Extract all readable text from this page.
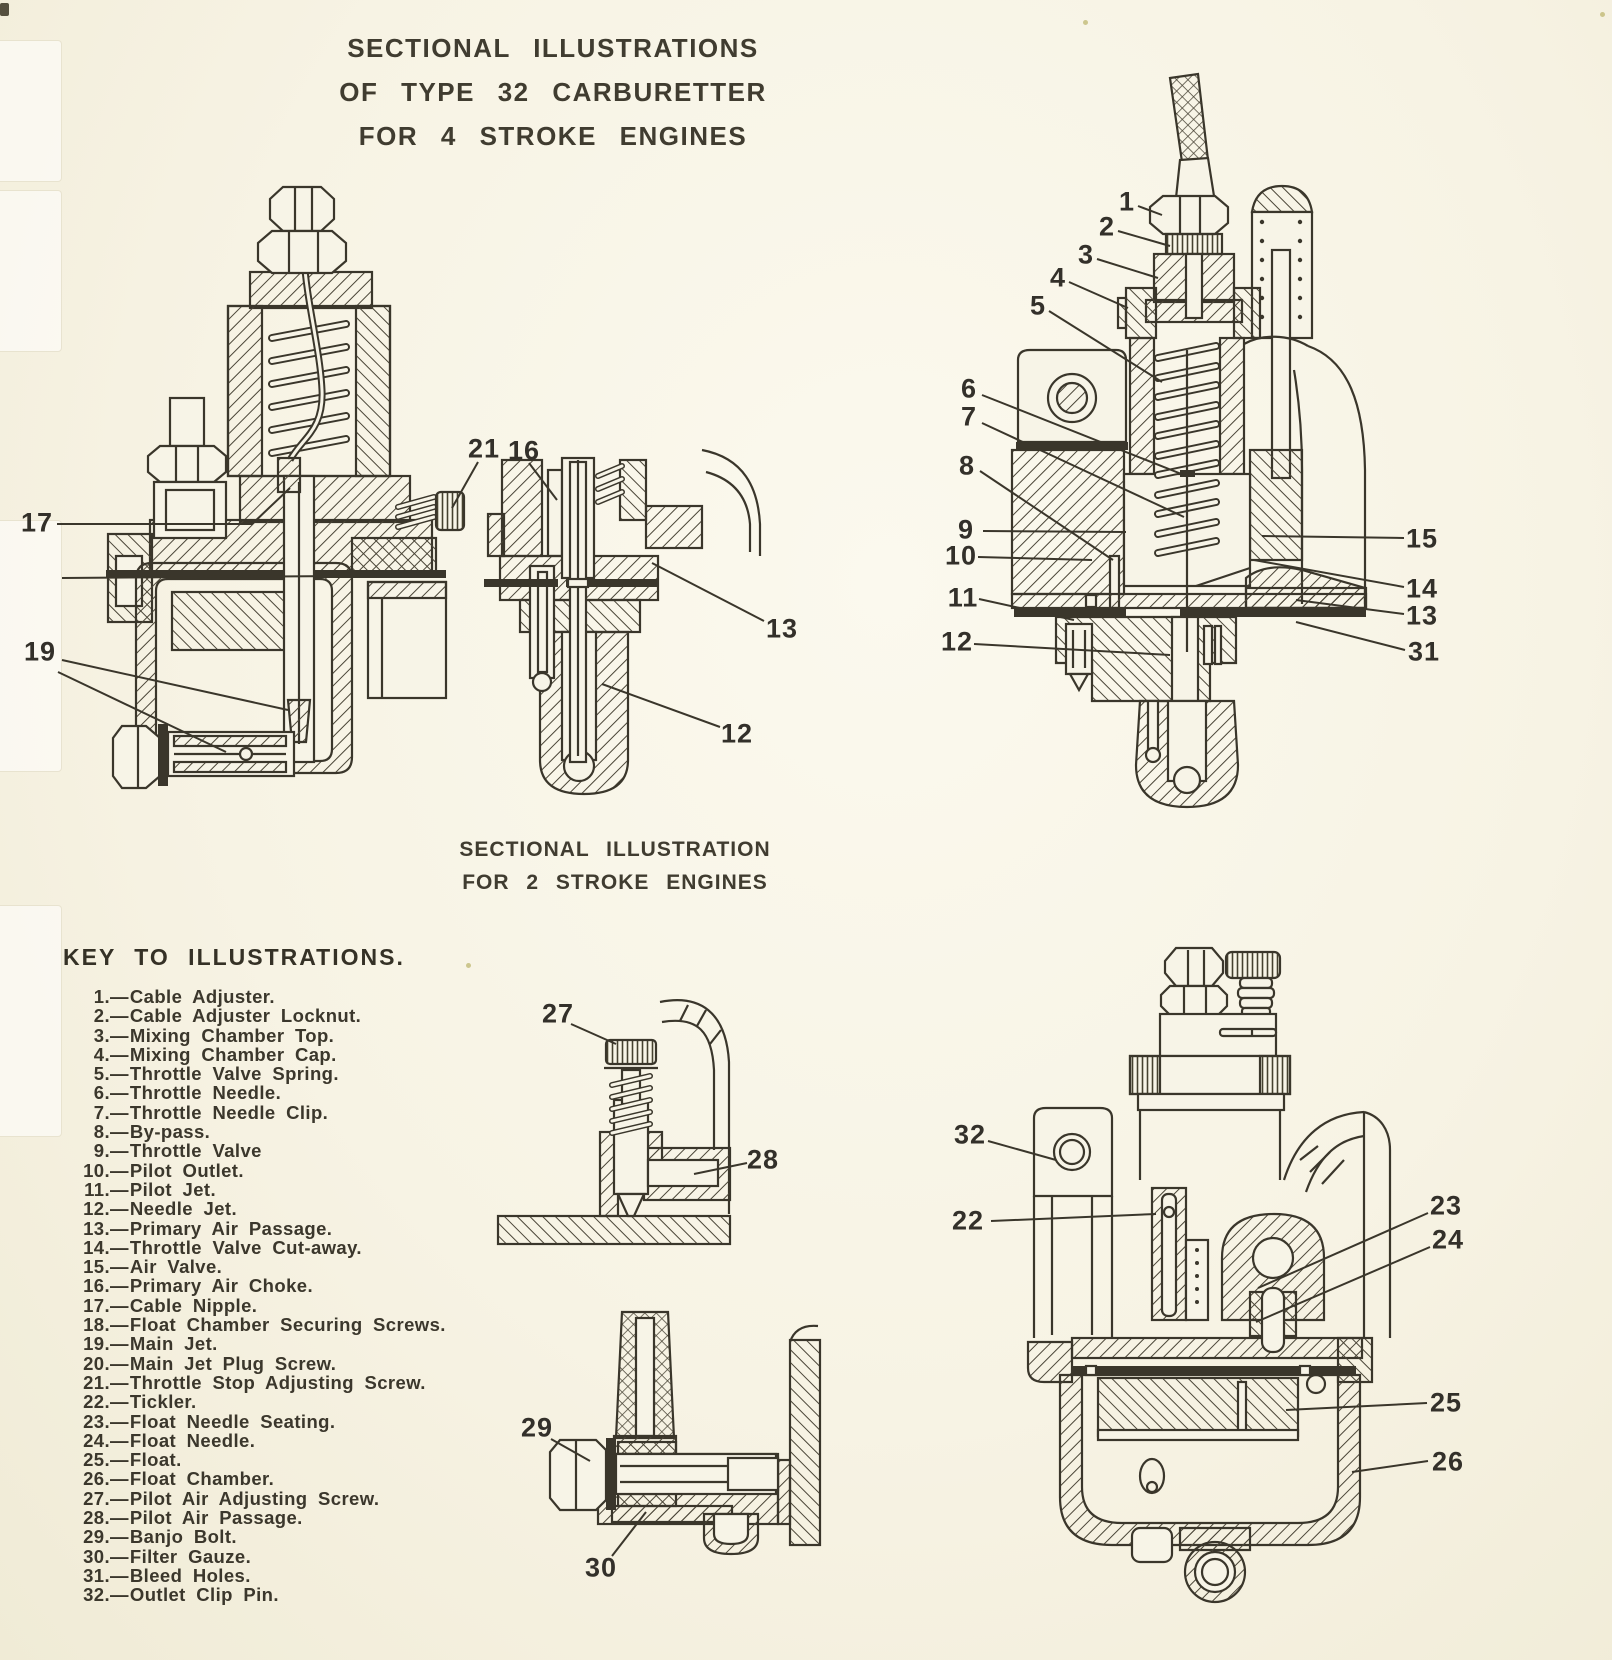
SECTIONAL ILLUSTRATIONS
OF TYPE 32 CARBURETTER
FOR 4 STROKE ENGINES
SECTIONAL ILLUSTRATION
FOR 2 STROKE ENGINES
17
19
21 16
13
12
1
2
3
4
5
6
7
8
9
10
11
12
15
14
13
31
27
28
29
30
32
22	23
24
25
26
KEY TO ILLUSTRATIONS.
1. — Cable Adjuster.
2. — Cable Adjuster Locknut.
3. — Mixing Chamber Top.
4. — Mixing Chamber Cap.
5. — Throttle Valve Spring.
6. — Throttle Needle.
7. — Throttle Needle Clip.
8. — By-pass.
9. — Throttle Valve
10. — Pilot Outlet.
11. — Pilot Jet.
12. — Needle Jet.
13. — Primary Air Passage.
14. — Throttle Valve Cut-away.
15. — Air Valve.
16. — Primary Air Choke.
17. — Cable Nipple.
18. — Float Chamber Securing Screws.
19. — Main Jet.
20. — Main Jet Plug Screw.
21. — Throttle Stop Adjusting Screw.
22. — Tickler.
23. — Float Needle Seating.
24. — Float Needle.
25. — Float.
26. — Float Chamber.
27. — Pilot Air Adjusting Screw.
28. — Pilot Air Passage.
29. — Banjo Bolt.
30. — Filter Gauze.
31. — Bleed Holes.
32. — Outlet Clip Pin.
